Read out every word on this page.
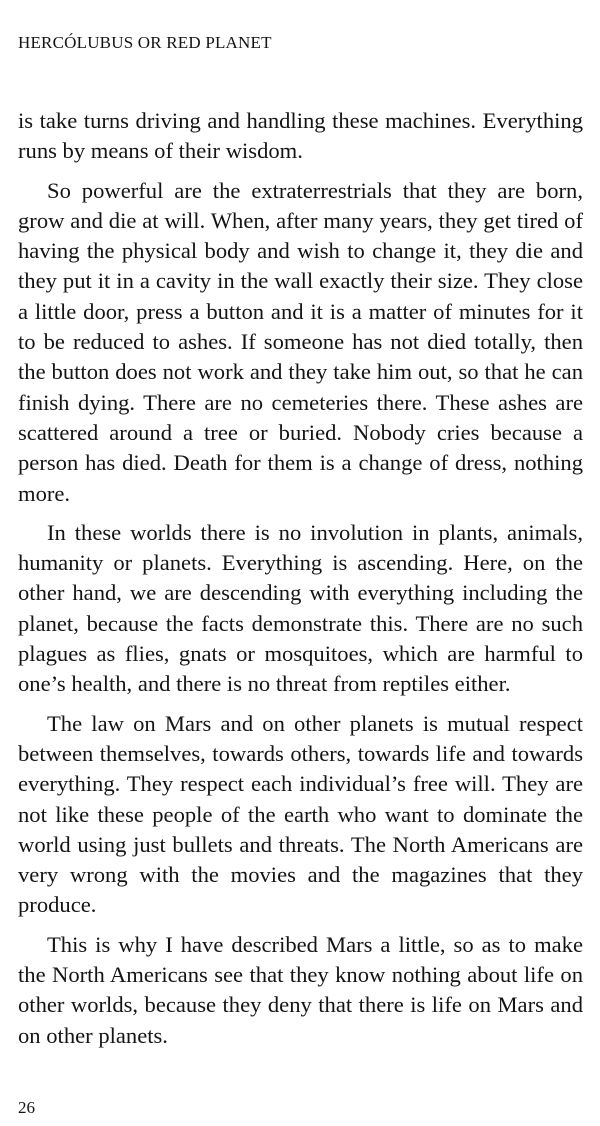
HERCÓLUBUS OR RED PLANET

is take turns driving and handling these machines. Everything runs by means of their wisdom.

So powerful are the extraterrestrials that they are born, grow and die at will. When, after many years, they get tired of having the physical body and wish to change it, they die and they put it in a cavity in the wall exactly their size. They close a little door, press a button and it is a matter of minutes for it to be reduced to ashes. If someone has not died totally, then the button does not work and they take him out, so that he can finish dying. There are no cemeteries there. These ashes are scattered around a tree or buried. Nobody cries because a person has died. Death for them is a change of dress, nothing more.

In these worlds there is no involution in plants, animals, humanity or planets. Everything is ascending. Here, on the other hand, we are descending with everything including the planet, because the facts demonstrate this. There are no such plagues as flies, gnats or mosquitoes, which are harmful to one’s health, and there is no threat from reptiles either.

The law on Mars and on other planets is mutual respect between themselves, towards others, towards life and towards everything. They respect each individual’s free will. They are not like these people of the earth who want to dominate the world using just bullets and threats. The North Americans are very wrong with the movies and the magazines that they produce.

This is why I have described Mars a little, so as to make the North Americans see that they know nothing about life on other worlds, because they deny that there is life on Mars and on other planets.

26
